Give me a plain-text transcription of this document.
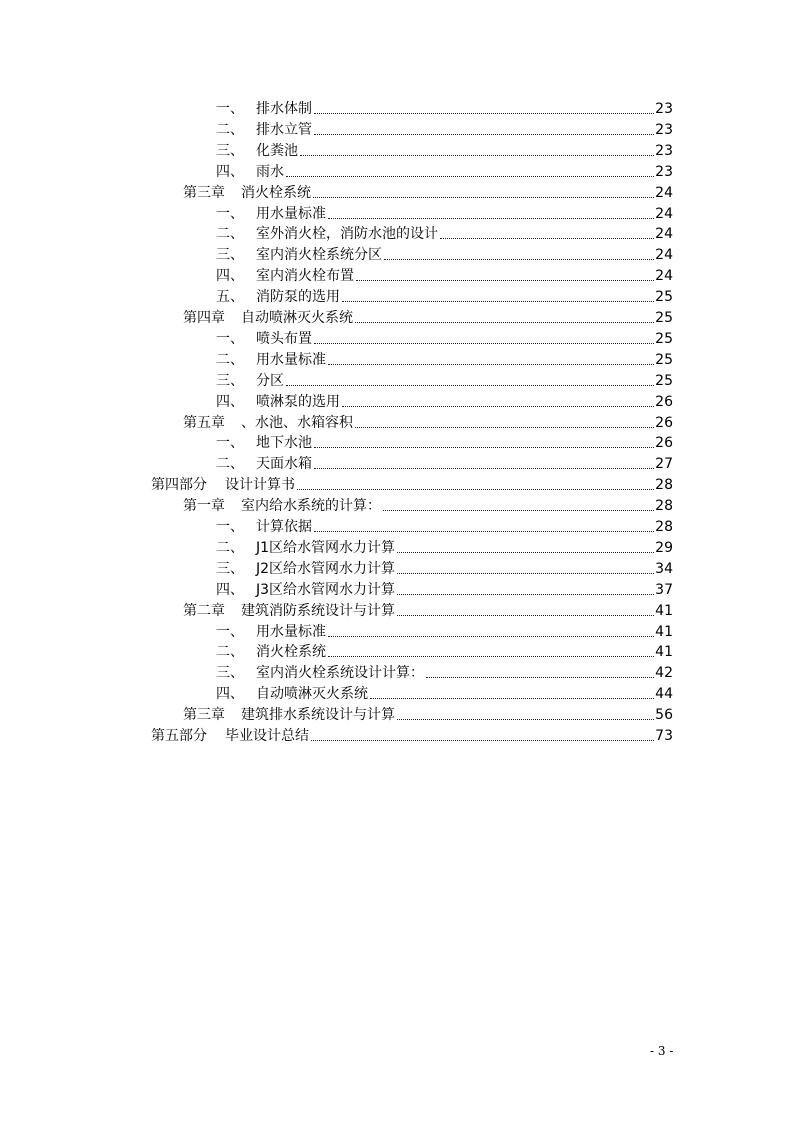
一、 排水体制	23
二、 排水立管	23
三、 化粪池	23
四、 雨水	23
第三章 消火栓系统	24
一、 用水量标准	24
二、 室外消火栓，消防水池的设计	24
三、 室内消火栓系统分区	24
四、 室内消火栓布置	24
五、 消防泵的选用	25
第四章 自动喷淋灭火系统	25
一、 喷头布置	25
二、 用水量标准	25
三、 分区	25
四、 喷淋泵的选用	26
第五章 、水池、水箱容积	26
一、 地下水池	26
二、 天面水箱	27
第四部分 设计计算书	28
第一章 室内给水系统的计算：	28
一、 计算依据	28
二、 J1区给水管网水力计算	29
三、 J2区给水管网水力计算	34
四、 J3区给水管网水力计算	37
第二章 建筑消防系统设计与计算	41
一、 用水量标准	41
二、 消火栓系统	41
三、 室内消火栓系统设计计算：	42
四、 自动喷淋灭火系统	44
第三章 建筑排水系统设计与计算	56
第五部分 毕业设计总结	73
- 3 -
